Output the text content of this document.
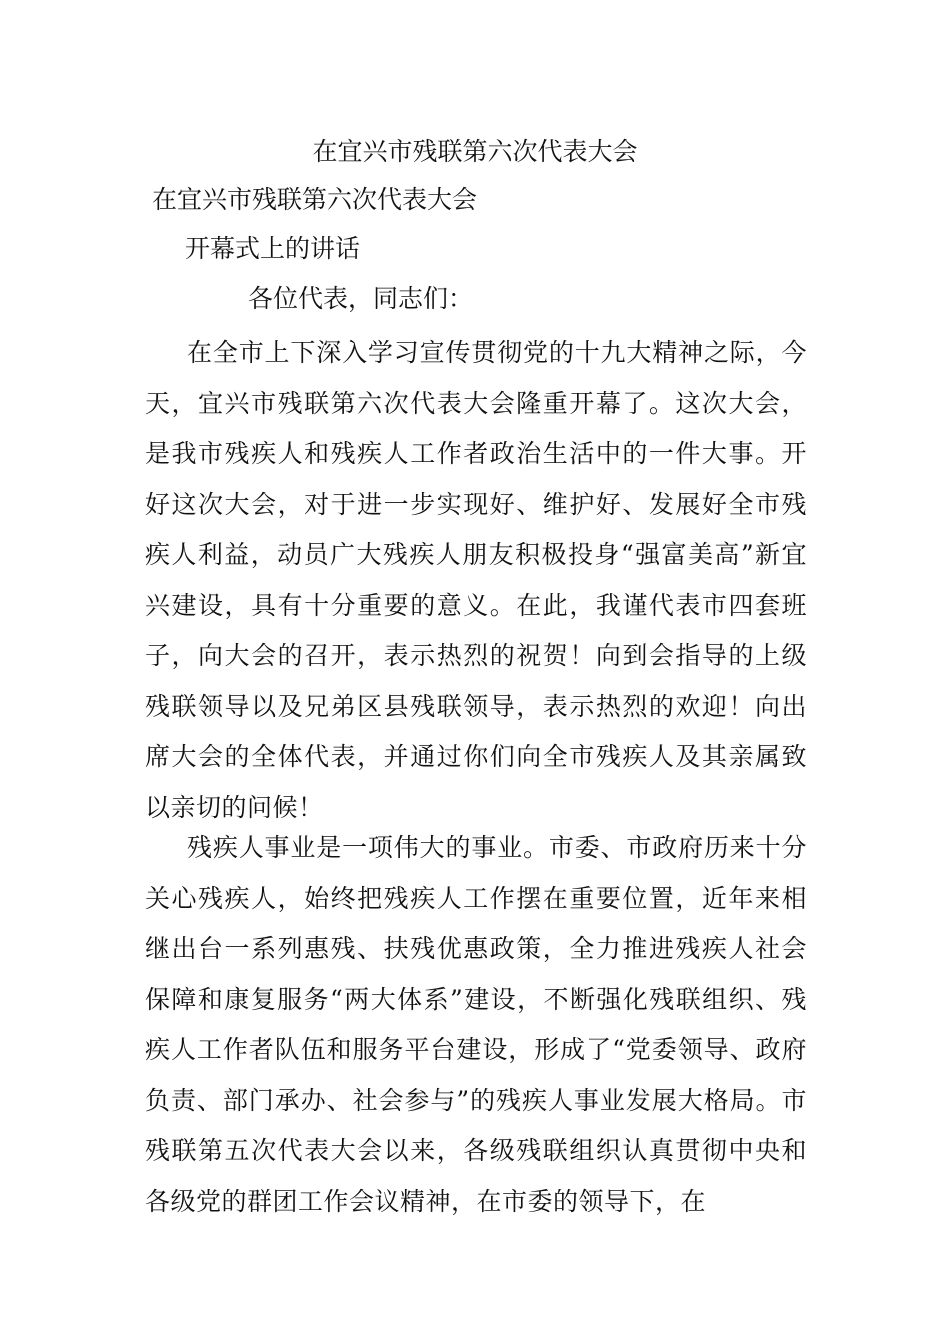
在宜兴市残联第六次代表大会
在宜兴市残联第六次代表大会

开幕式上的讲话

各位代表，同志们：

在全市上下深入学习宣传贯彻党的十九大精神之际，今天，宜兴市残联第六次代表大会隆重开幕了。这次大会，是我市残疾人和残疾人工作者政治生活中的一件大事。开好这次大会，对于进一步实现好、维护好、发展好全市残疾人利益，动员广大残疾人朋友积极投身“强富美高”新宜兴建设，具有十分重要的意义。在此，我谨代表市四套班子，向大会的召开，表示热烈的祝贺！向到会指导的上级残联领导以及兄弟区县残联领导，表示热烈的欢迎！向出席大会的全体代表，并通过你们向全市残疾人及其亲属致以亲切的问候！

残疾人事业是一项伟大的事业。市委、市政府历来十分关心残疾人，始终把残疾人工作摆在重要位置，近年来相继出台一系列惠残、扶残优惠政策，全力推进残疾人社会保障和康复服务“两大体系”建设，不断强化残联组织、残疾人工作者队伍和服务平台建设，形成了“党委领导、政府负责、部门承办、社会参与”的残疾人事业发展大格局。市残联第五次代表大会以来，各级残联组织认真贯彻中央和各级党的群团工作会议精神，在市委的领导下，在
